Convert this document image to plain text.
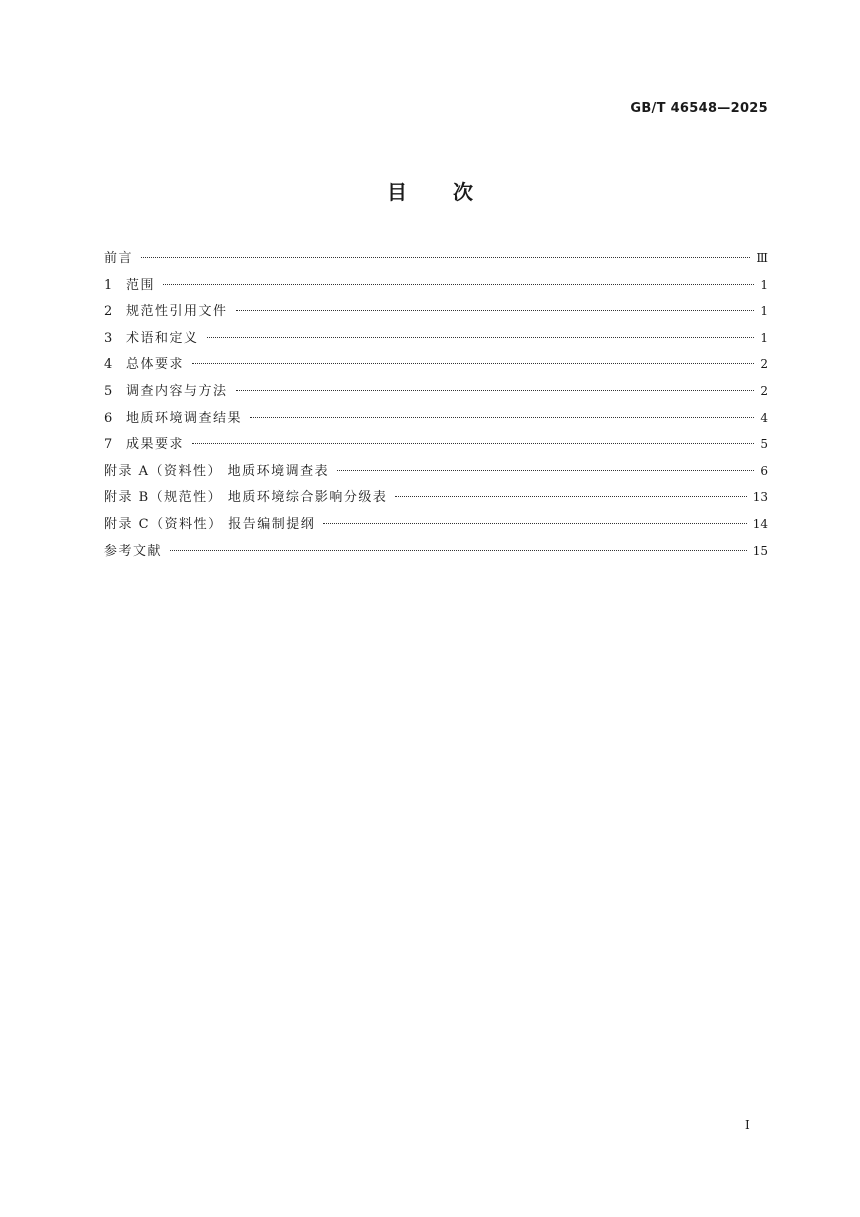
GB/T 46548—2025
目次
前言	Ⅲ
1	范围	1
2	规范性引用文件	1
3	术语和定义	1
4	总体要求	2
5	调查内容与方法	2
6	地质环境调查结果	4
7	成果要求	5
附录 A（资料性） 地质环境调查表	6
附录 B（规范性） 地质环境综合影响分级表	13
附录 C（资料性） 报告编制提纲	14
参考文献	15
I
